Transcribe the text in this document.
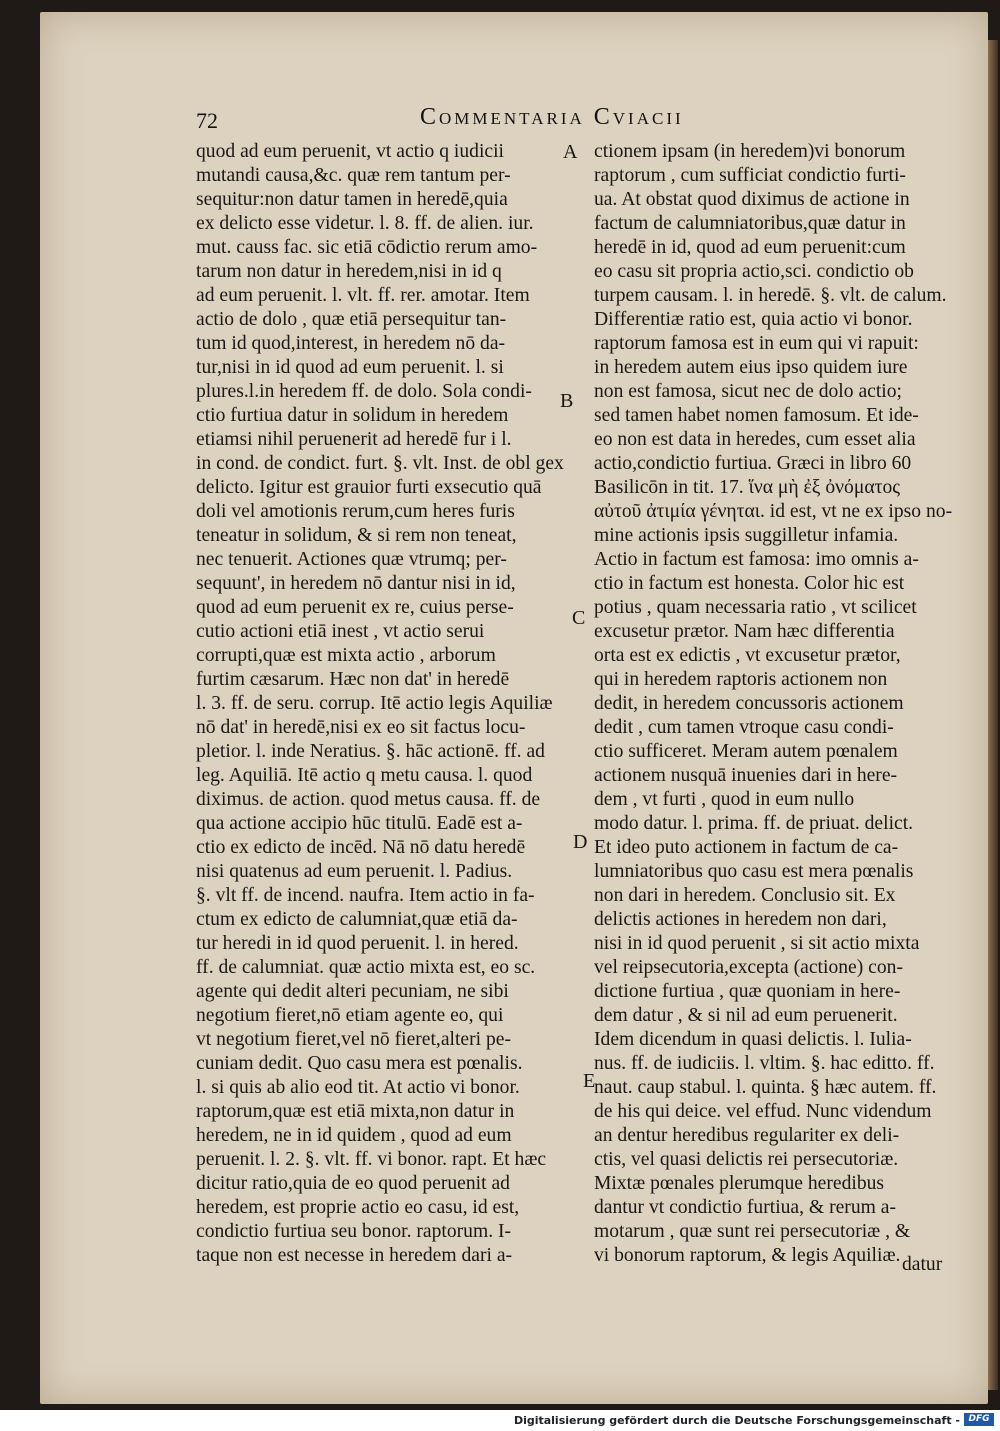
72	Commentaria Cviacii

quod ad eum peruenit, vt actio q iudicii

mutandi causa,&c. quæ rem tantum per-

sequitur:non datur tamen in heredē,quia

ex delicto esse videtur. l. 8. ff. de alien. iur.

mut. causs fac. sic etiā cōdictio rerum amo-

tarum non datur in heredem,nisi in id q

ad eum peruenit. l. vlt. ff. rer. amotar. Item

actio de dolo , quæ etiā persequitur tan-

tum id quod,interest, in heredem nō da-

tur,nisi in id quod ad eum peruenit. l. si

plures.l.in heredem ff. de dolo. Sola condi-

ctio furtiua datur in solidum in heredem

etiamsi nihil peruenerit ad heredē fur i l.

in cond. de condict. furt. §. vlt. Inst. de obl gex

delicto. Igitur est grauior furti exsecutio quā

doli vel amotionis rerum,cum heres furis

teneatur in solidum, & si rem non teneat,

nec tenuerit. Actiones quæ vtrumq; per-

sequunt', in heredem nō dantur nisi in id,

quod ad eum peruenit ex re, cuius perse-

cutio actioni etiā inest , vt actio serui

corrupti,quæ est mixta actio , arborum

furtim cæsarum. Hæc non dat' in heredē

l. 3. ff. de seru. corrup. Itē actio legis Aquiliæ

nō dat' in heredē,nisi ex eo sit factus locu-

pletior. l. inde Neratius. §. hāc actionē. ff. ad

leg. Aquiliā. Itē actio q metu causa. l. quod

diximus. de action. quod metus causa. ff. de

qua actione accipio hūc titulū. Eadē est a-

ctio ex edicto de incēd. Nā nō datu heredē

nisi quatenus ad eum peruenit. l. Padius.

§. vlt ff. de incend. naufra. Item actio in fa-

ctum ex edicto de calumniat,quæ etiā da-

tur heredi in id quod peruenit. l. in hered.

ff. de calumniat. quæ actio mixta est, eo sc.

agente qui dedit alteri pecuniam, ne sibi

negotium fieret,nō etiam agente eo, qui

vt negotium fieret,vel nō fieret,alteri pe-

cuniam dedit. Quo casu mera est pœnalis.

l. si quis ab alio eod tit. At actio vi bonor.

raptorum,quæ est etiā mixta,non datur in

heredem, ne in id quidem , quod ad eum

peruenit. l. 2. §. vlt. ff. vi bonor. rapt. Et hæc

dicitur ratio,quia de eo quod peruenit ad

heredem, est proprie actio eo casu, id est,

condictio furtiua seu bonor. raptorum. I-

taque non est necesse in heredem dari a-

ctionem ipsam (in heredem)vi bonorum

raptorum , cum sufficiat condictio furti-

ua. At obstat quod diximus de actione in

factum de calumniatoribus,quæ datur in

heredē in id, quod ad eum peruenit:cum

eo casu sit propria actio,sci. condictio ob

turpem causam. l. in heredē. §. vlt. de calum.

Differentiæ ratio est, quia actio vi bonor.

raptorum famosa est in eum qui vi rapuit:

in heredem autem eius ipso quidem iure

non est famosa, sicut nec de dolo actio;

sed tamen habet nomen famosum. Et ide-

eo non est data in heredes, cum esset alia

actio,condictio furtiua. Græci in libro 60

Basilicōn in tit. 17. ἵνα μὴ ἐξ ὀνόματος

αὐτοῦ ἀτιμία γένηται. id est, vt ne ex ipso no-

mine actionis ipsis suggilletur infamia.

Actio in factum est famosa: imo omnis a-

ctio in factum est honesta. Color hic est

potius , quam necessaria ratio , vt scilicet

excusetur prætor. Nam hæc differentia

orta est ex edictis , vt excusetur prætor,

qui in heredem raptoris actionem non

dedit, in heredem concussoris actionem

dedit , cum tamen vtroque casu condi-

ctio sufficeret. Meram autem pœnalem

actionem nusquā inuenies dari in here-

dem , vt furti , quod in eum nullo

modo datur. l. prima. ff. de priuat. delict.

Et ideo puto actionem in factum de ca-

lumniatoribus quo casu est mera pœnalis

non dari in heredem. Conclusio sit. Ex

delictis actiones in heredem non dari,

nisi in id quod peruenit , si sit actio mixta

vel reipsecutoria,excepta (actione) con-

dictione furtiua , quæ quoniam in here-

dem datur , & si nil ad eum peruenerit.

Idem dicendum in quasi delictis. l. Iulia-

nus. ff. de iudiciis. l. vltim. §. hac editto. ff.

naut. caup stabul. l. quinta. § hæc autem. ff.

de his qui deice. vel effud. Nunc videndum

an dentur heredibus regulariter ex deli-

ctis, vel quasi delictis rei persecutoriæ.

Mixtæ pœnales plerumque heredibus

dantur vt condictio furtiua, & rerum a-

motarum , quæ sunt rei persecutoriæ , &

vi bonorum raptorum, & legis Aquiliæ.

A
B
C
D
E
datur
Digitalisierung gefördert durch die Deutsche Forschungsgemeinschaft - DFG
